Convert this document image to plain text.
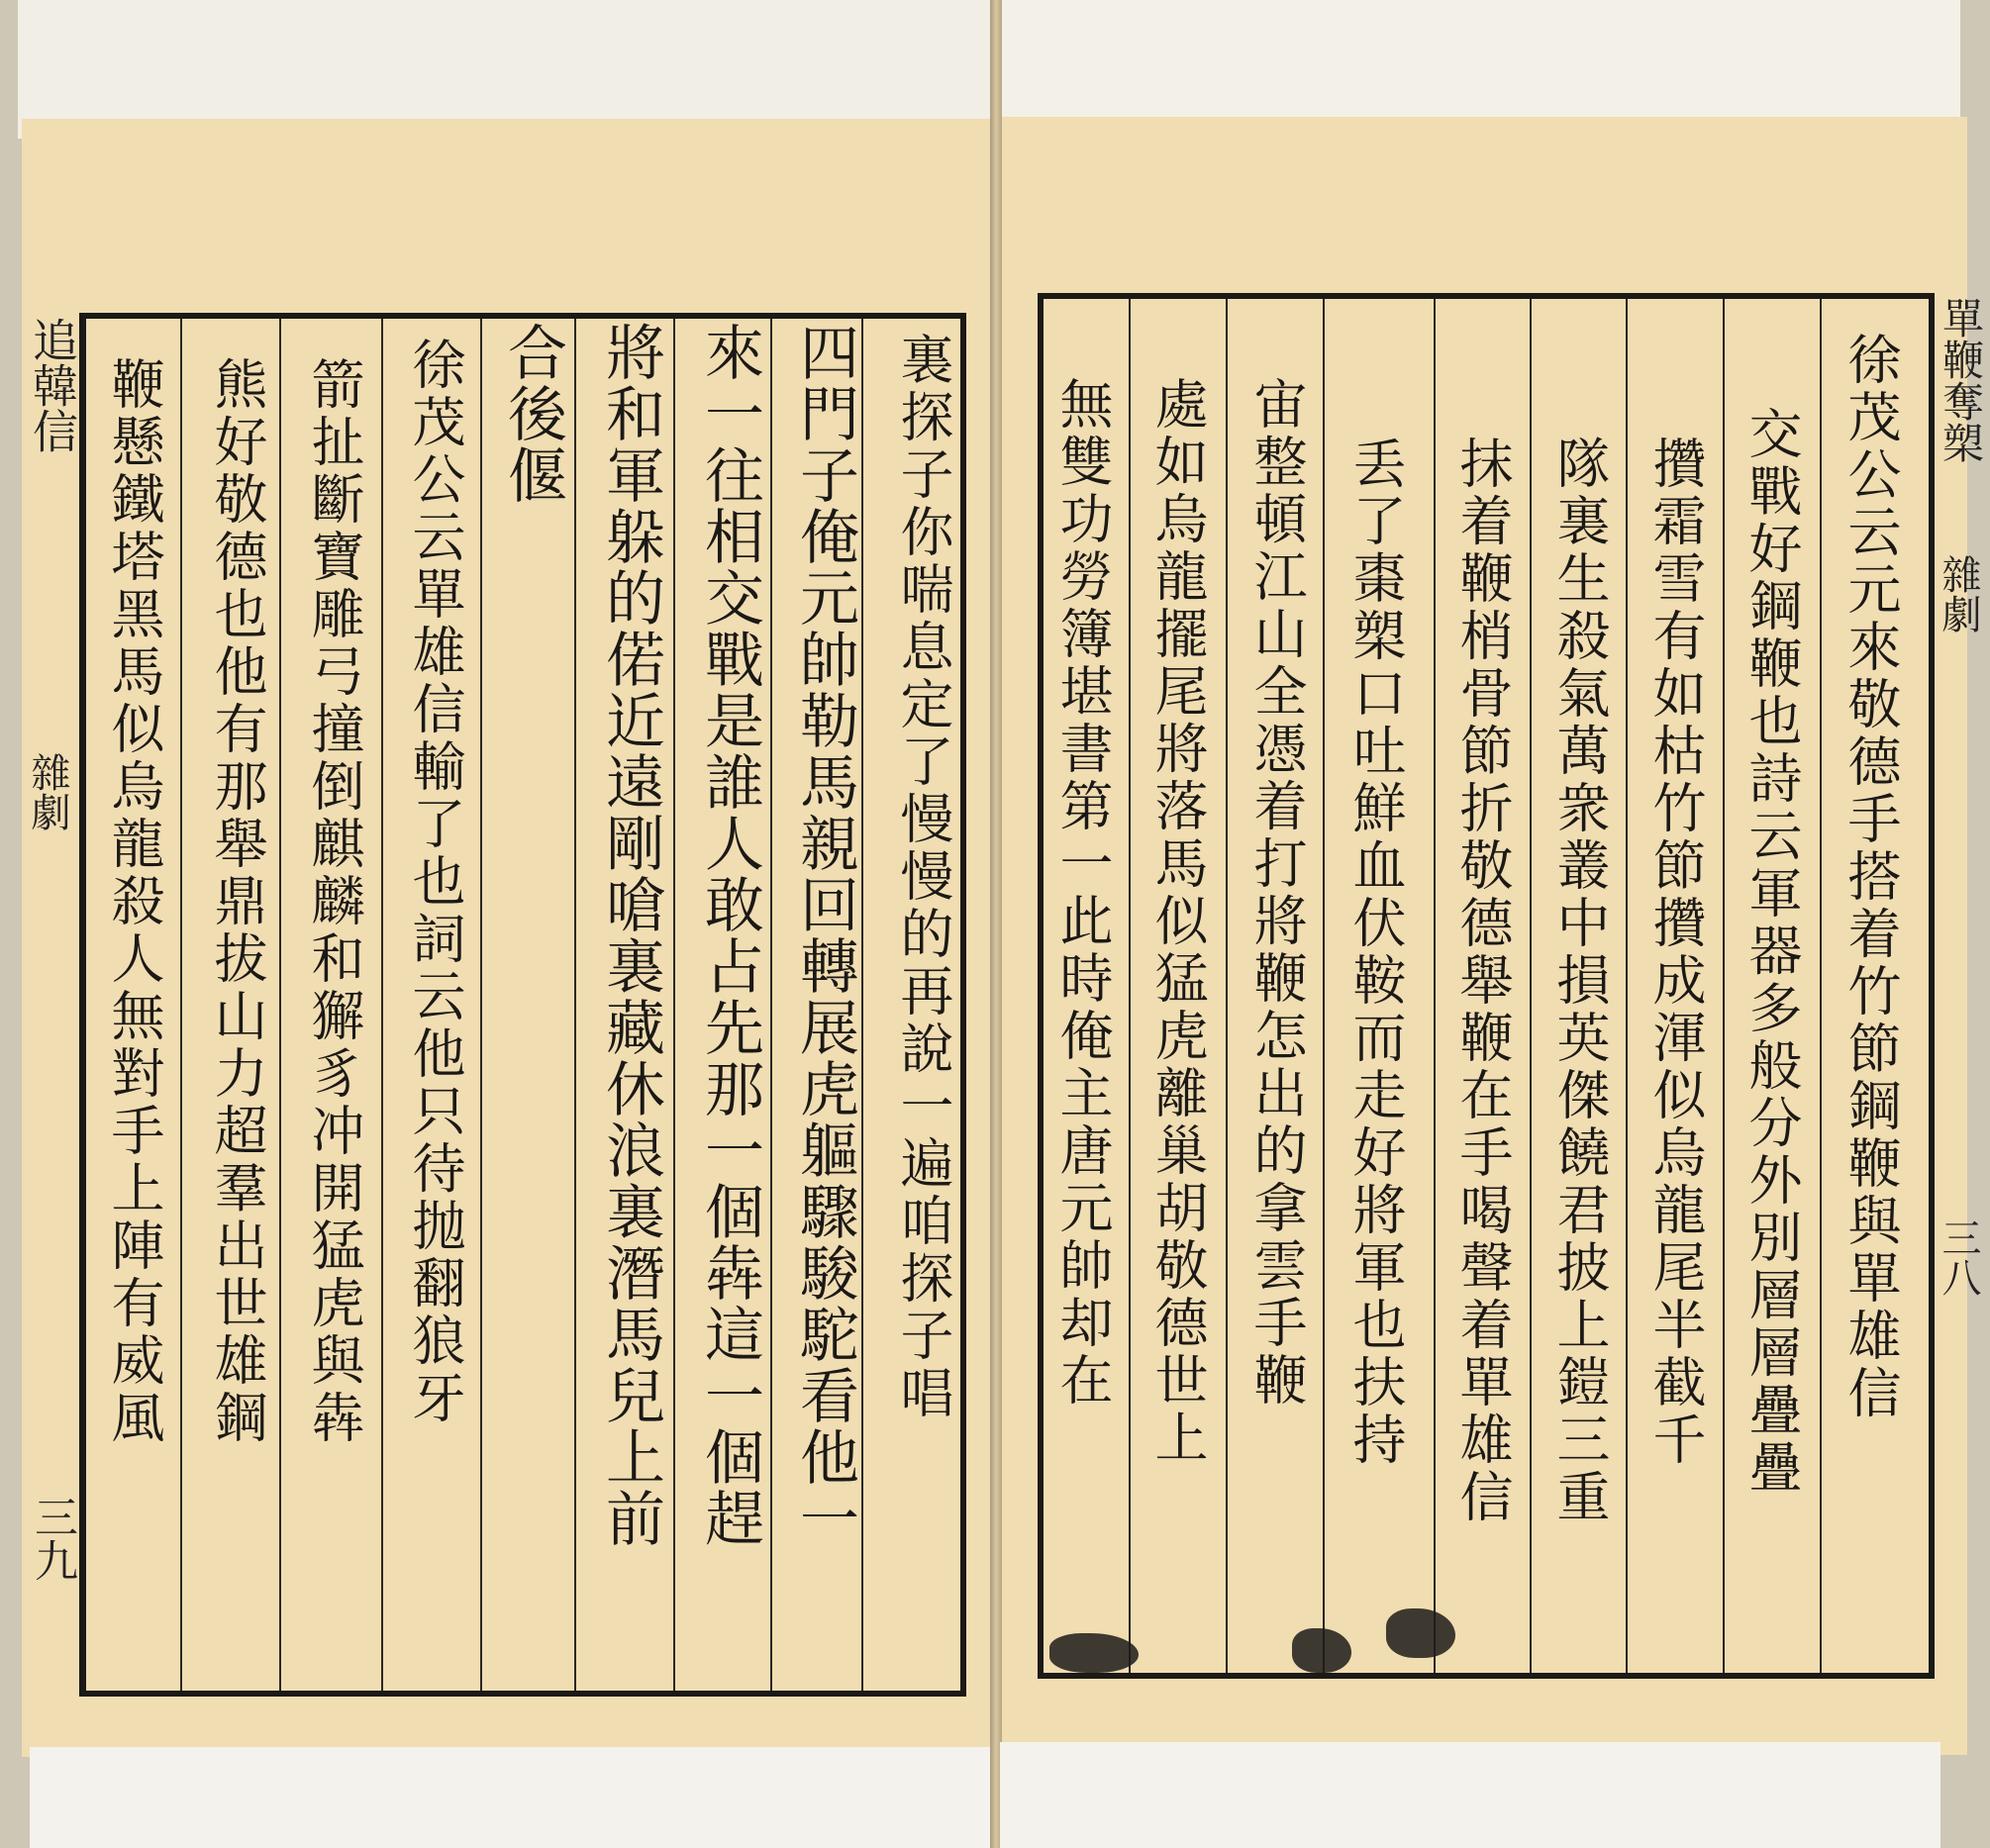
追韓信
雜劇
三九
裏探子你喘息定了慢慢的再說一遍咱探子唱
四門子俺元帥勒馬親回轉展虎軀驟駿駝看他一
來一往相交戰是誰人敢占先那一個犇這一個趕
將和軍躲的偌近遠剛嗆裏藏休浪裏潛馬兒上前
合後偃
徐茂公云單雄信輸了也詞云他只待抛翻狼牙
箭扯斷寶雕弓撞倒麒麟和獬豸冲開猛虎與犇
熊好敬德也他有那舉鼎拔山力超羣出世雄鋼
鞭懸鐵塔黑馬似烏龍殺人無對手上陣有威風	徐茂公云元來敬德手搭着竹節鋼鞭與單雄信
交戰好鋼鞭也詩云軍器多般分外別層層疊疊
攢霜雪有如枯竹節攢成渾似烏龍尾半截千
隊裏生殺氣萬衆叢中損英傑饒君披上鎧三重
抹着鞭梢骨節折敬德舉鞭在手喝聲着單雄信
丢了棗槊口吐鮮血伏鞍而走好將軍也扶持
宙整頓江山全憑着打將鞭怎出的拿雲手鞭
處如烏龍擺尾將落馬似猛虎離巢胡敬德世上
無雙功勞簿堪書第一此時俺主唐元帥却在	單鞭奪槊
雜劇
三八
